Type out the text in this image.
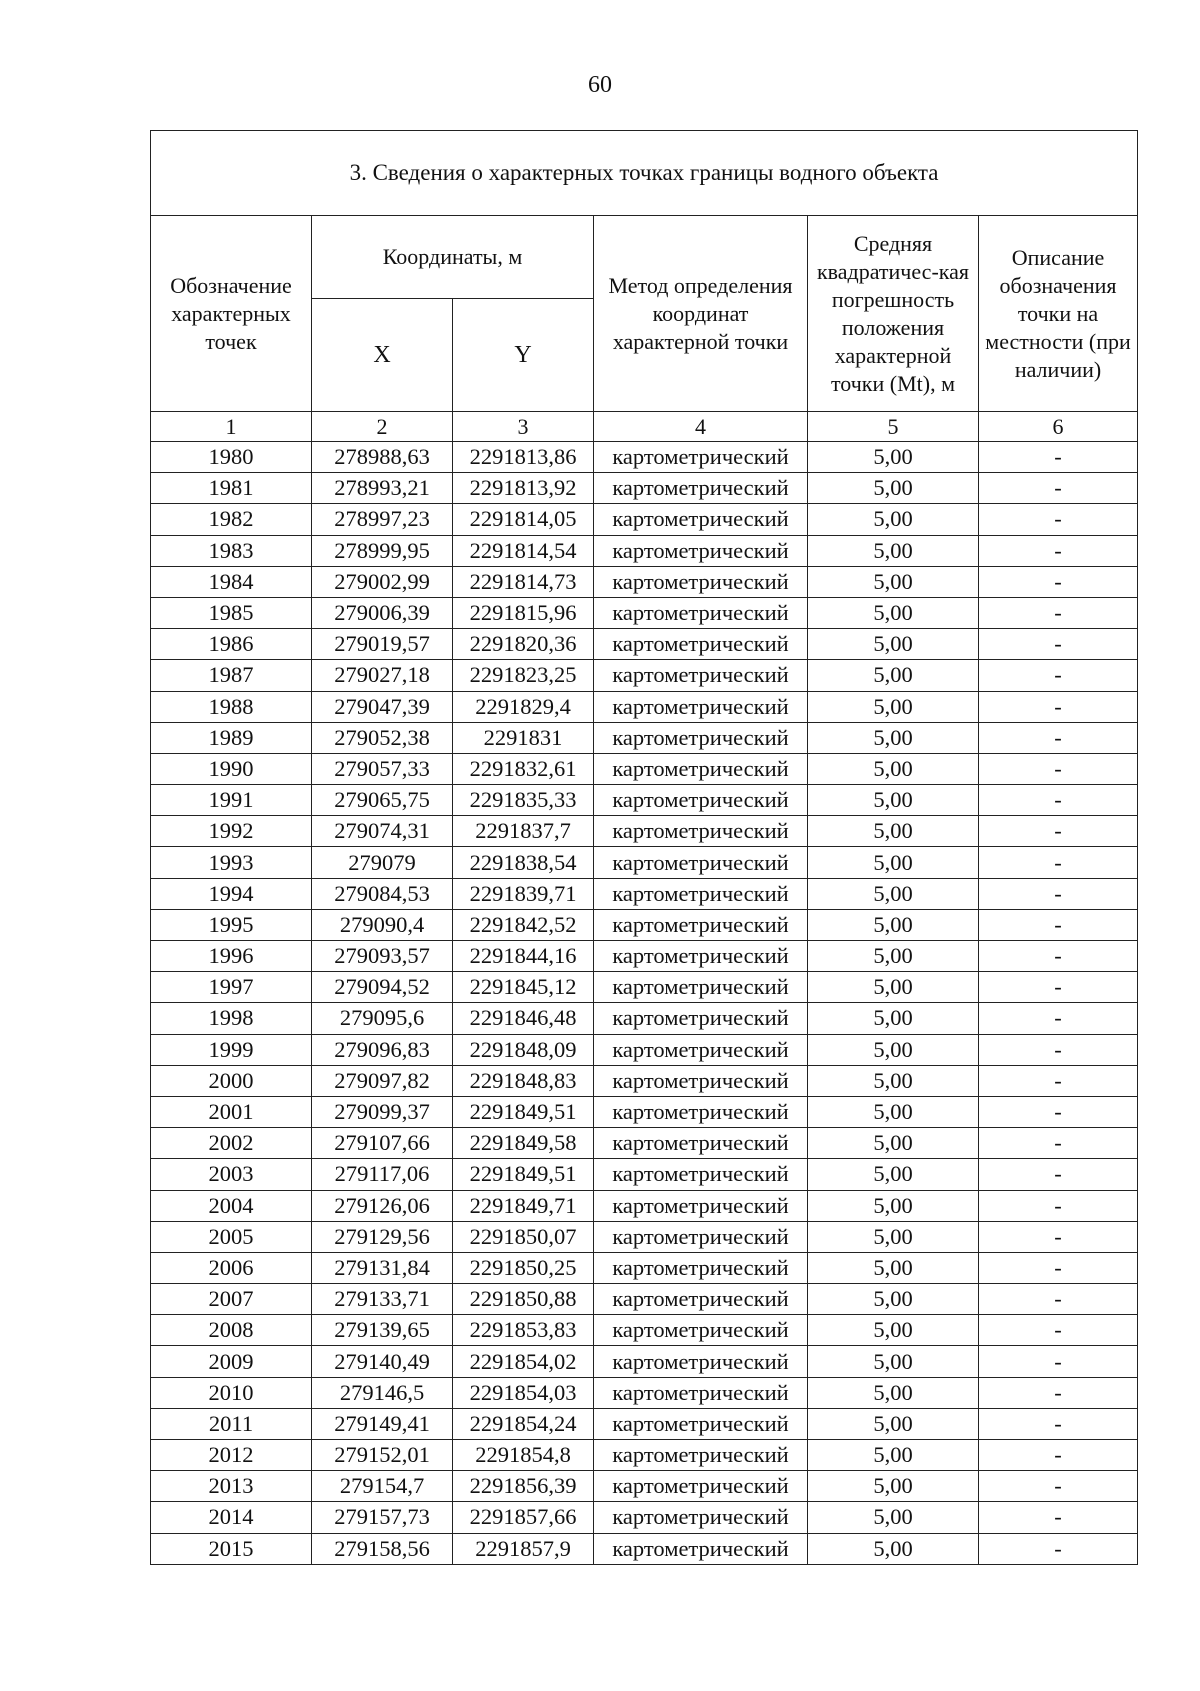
60
3. Сведения о характерных точках границы водного объекта					
Обозначение характерных точек	Координаты, м		Метод определения координат характерной точки	Средняя квадратичес-кая погрешность положения характерной точки (Mt), м	Описание обозначения точки на местности (при наличии)
	X	Y			
1	2	3	4	5	6
1980	278988,63	2291813,86	картометрический	5,00	-
1981	278993,21	2291813,92	картометрический	5,00	-
1982	278997,23	2291814,05	картометрический	5,00	-
1983	278999,95	2291814,54	картометрический	5,00	-
1984	279002,99	2291814,73	картометрический	5,00	-
1985	279006,39	2291815,96	картометрический	5,00	-
1986	279019,57	2291820,36	картометрический	5,00	-
1987	279027,18	2291823,25	картометрический	5,00	-
1988	279047,39	2291829,4	картометрический	5,00	-
1989	279052,38	2291831	картометрический	5,00	-
1990	279057,33	2291832,61	картометрический	5,00	-
1991	279065,75	2291835,33	картометрический	5,00	-
1992	279074,31	2291837,7	картометрический	5,00	-
1993	279079	2291838,54	картометрический	5,00	-
1994	279084,53	2291839,71	картометрический	5,00	-
1995	279090,4	2291842,52	картометрический	5,00	-
1996	279093,57	2291844,16	картометрический	5,00	-
1997	279094,52	2291845,12	картометрический	5,00	-
1998	279095,6	2291846,48	картометрический	5,00	-
1999	279096,83	2291848,09	картометрический	5,00	-
2000	279097,82	2291848,83	картометрический	5,00	-
2001	279099,37	2291849,51	картометрический	5,00	-
2002	279107,66	2291849,58	картометрический	5,00	-
2003	279117,06	2291849,51	картометрический	5,00	-
2004	279126,06	2291849,71	картометрический	5,00	-
2005	279129,56	2291850,07	картометрический	5,00	-
2006	279131,84	2291850,25	картометрический	5,00	-
2007	279133,71	2291850,88	картометрический	5,00	-
2008	279139,65	2291853,83	картометрический	5,00	-
2009	279140,49	2291854,02	картометрический	5,00	-
2010	279146,5	2291854,03	картометрический	5,00	-
2011	279149,41	2291854,24	картометрический	5,00	-
2012	279152,01	2291854,8	картометрический	5,00	-
2013	279154,7	2291856,39	картометрический	5,00	-
2014	279157,73	2291857,66	картометрический	5,00	-
2015	279158,56	2291857,9	картометрический	5,00	-
